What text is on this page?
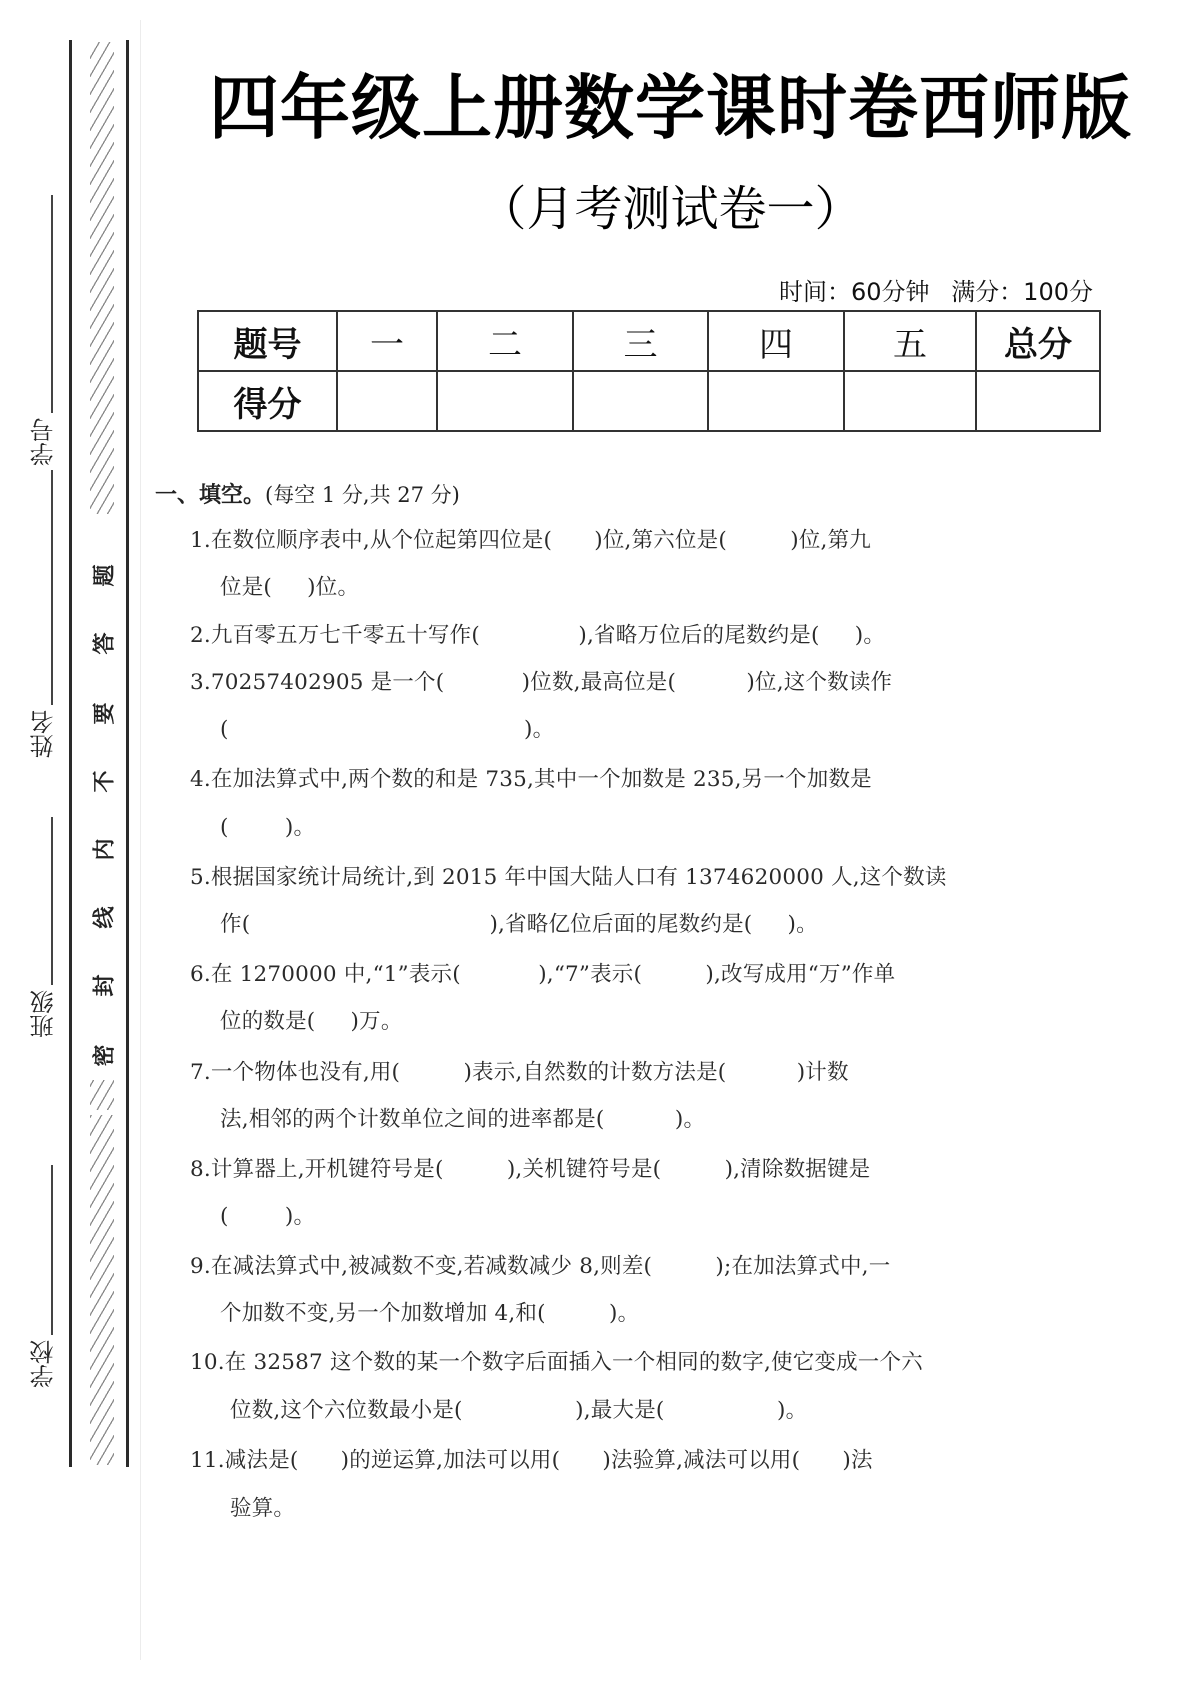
学号
姓名
班级
学校
题
答
要
不
内
线
封
密
四年级上册数学课时卷西师版
（月考测试卷一）
时间：60分钟 满分：100分
题号	一	二	三	四	五	总分
得分						
一、填空。(每空 1 分,共 27 分)
1.在数位顺序表中,从个位起第四位是(      )位,第六位是(         )位,第九
位是(     )位。
2.九百零五万七千零五十写作(              ),省略万位后的尾数约是(     )。
3.70257402905 是一个(           )位数,最高位是(          )位,这个数读作
(                                          )。
4.在加法算式中,两个数的和是 735,其中一个加数是 235,另一个加数是
(        )。
5.根据国家统计局统计,到 2015 年中国大陆人口有 1374620000 人,这个数读
作(                                  ),省略亿位后面的尾数约是(     )。
6.在 1270000 中,“1”表示(           ),“7”表示(         ),改写成用“万”作单
位的数是(     )万。
7.一个物体也没有,用(         )表示,自然数的计数方法是(          )计数
法,相邻的两个计数单位之间的进率都是(          )。
8.计算器上,开机键符号是(         ),关机键符号是(         ),清除数据键是
(        )。
9.在减法算式中,被减数不变,若减数减少 8,则差(         );在加法算式中,一
个加数不变,另一个加数增加 4,和(         )。
10.在 32587 这个数的某一个数字后面插入一个相同的数字,使它变成一个六
位数,这个六位数最小是(                ),最大是(                )。
11.减法是(      )的逆运算,加法可以用(      )法验算,减法可以用(      )法
验算。
